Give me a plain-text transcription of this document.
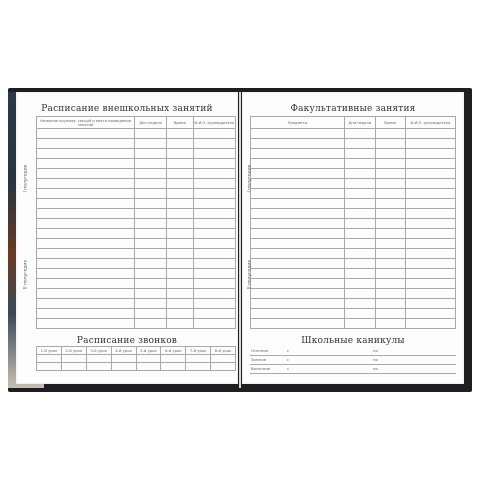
Расписание внешкольных занятий
Название кружков, секций и места проведения занятий	Дни недели	Время	Ф.И.О. руководителя

I полугодие
II полугодие
Расписание звонков
1-й урок	2-й урок	3-й урок	4-й урок	5-й урок	6-й урок	7-й урок	8-й урок

Факультативные занятия
Предметы	Дни недели	Время	Ф.И.О. руководителя

I полугодие
II полугодие
Школьные каникулы
Осенние	с	по
Зимние	с	по
Весенние	с	по
